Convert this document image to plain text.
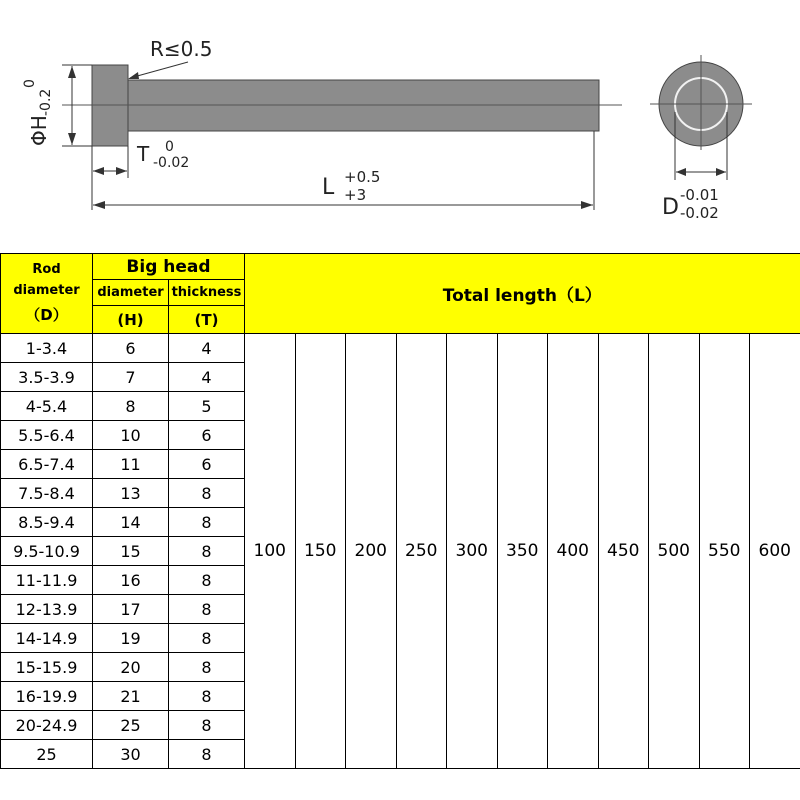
R≤0.5
ΦH
0
-0.2
T 0
-0.02
L +0.5
+3	D -0.01
-0.02
Rod
diameter
（D）	Big head		Total length（L）										
	diameter	thickness											
	(H)	(T)											
1-3.4	6	4	100	150	200	250	300	350	400	450	500	550	600
3.5-3.9	7	4											
4-5.4	8	5											
5.5-6.4	10	6											
6.5-7.4	11	6											
7.5-8.4	13	8											
8.5-9.4	14	8											
9.5-10.9	15	8											
11-11.9	16	8											
12-13.9	17	8											
14-14.9	19	8											
15-15.9	20	8											
16-19.9	21	8											
20-24.9	25	8											
25	30	8											
